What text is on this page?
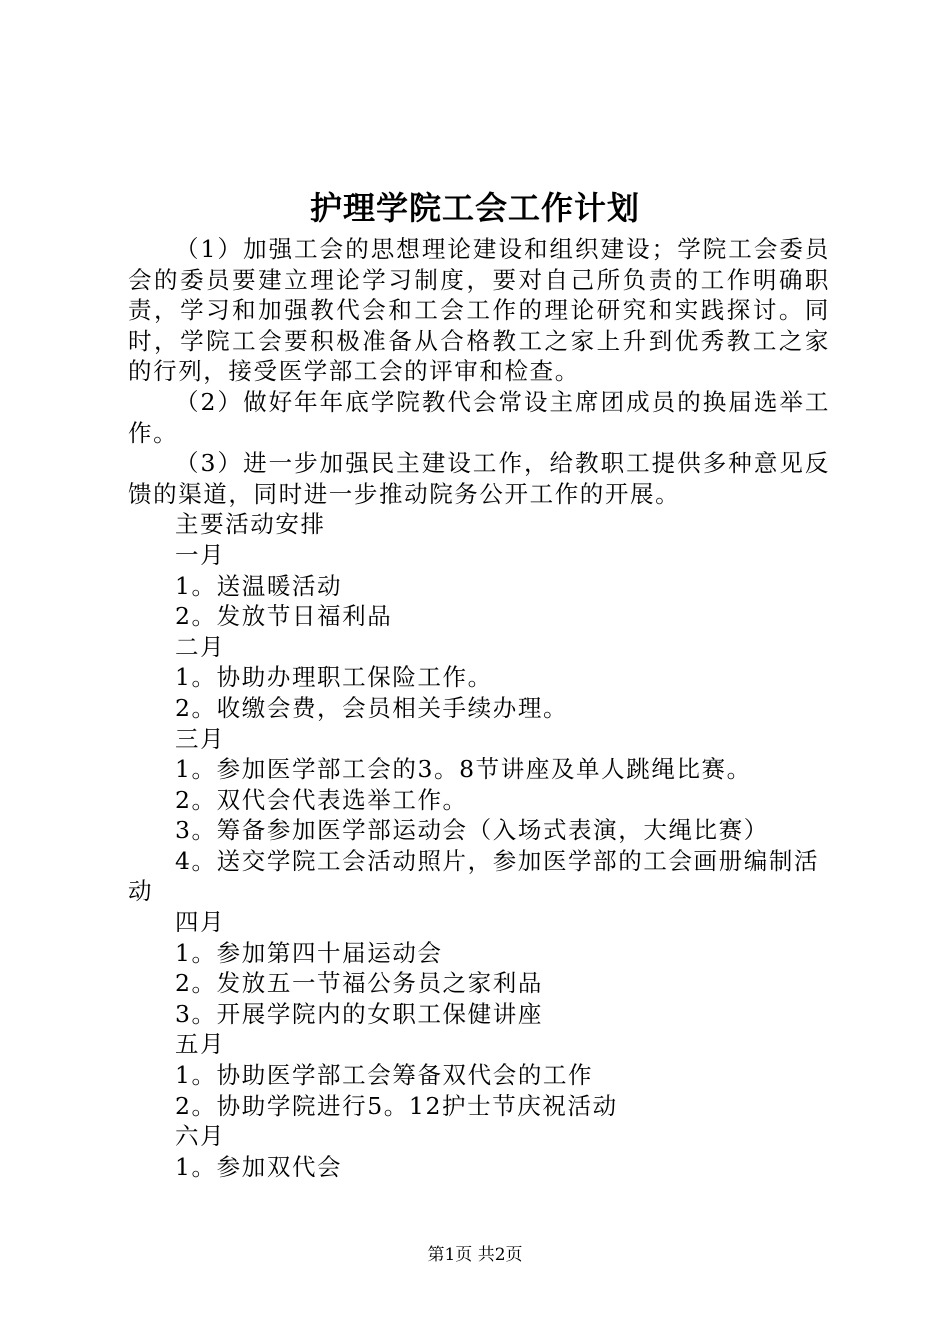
护理学院工会工作计划

（1）加强工会的思想理论建设和组织建设；学院工会委员会的委员要建立理论学习制度，要对自己所负责的工作明确职责，学习和加强教代会和工会工作的理论研究和实践探讨。同时，学院工会要积极准备从合格教工之家上升到优秀教工之家的行列，接受医学部工会的评审和检查。

（2）做好年年底学院教代会常设主席团成员的换届选举工作。

（3）进一步加强民主建设工作，给教职工提供多种意见反馈的渠道，同时进一步推动院务公开工作的开展。

主要活动安排

一月

1。送温暖活动

2。发放节日福利品

二月

1。协助办理职工保险工作。

2。收缴会费，会员相关手续办理。

三月

1。参加医学部工会的3。8节讲座及单人跳绳比赛。

2。双代会代表选举工作。

3。筹备参加医学部运动会（入场式表演，大绳比赛）

4。送交学院工会活动照片，参加医学部的工会画册编制活动

四月

1。参加第四十届运动会

2。发放五一节福公务员之家利品

3。开展学院内的女职工保健讲座

五月

1。协助医学部工会筹备双代会的工作

2。协助学院进行5。12护士节庆祝活动

六月

1。参加双代会

第1页 共2页
